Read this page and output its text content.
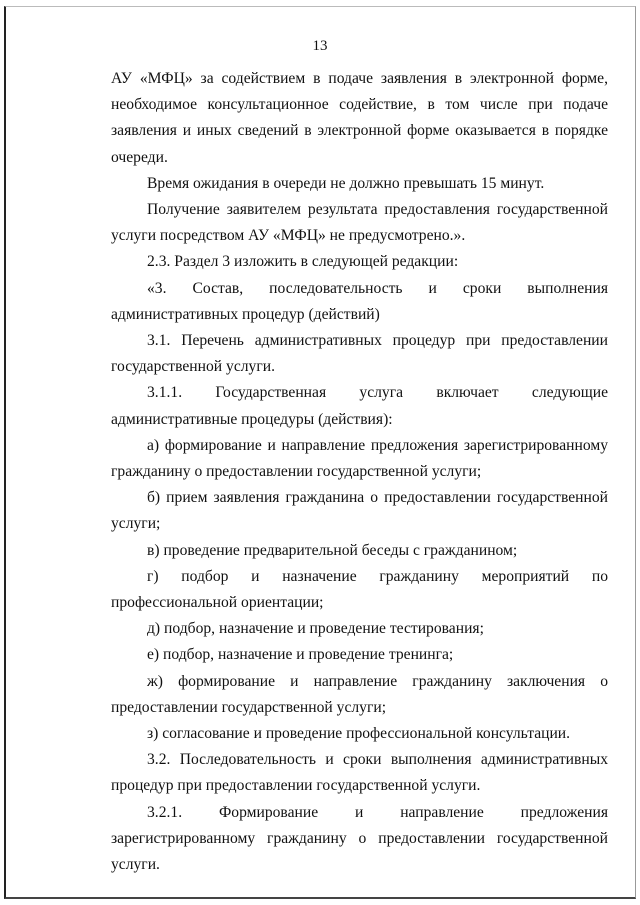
13

АУ «МФЦ» за содействием в подаче заявления в электронной форме, необходимое консультационное содействие, в том числе при подаче заявления и иных сведений в электронной форме оказывается в порядке очереди.

Время ожидания в очереди не должно превышать 15 минут.

Получение заявителем результата предоставления государственной услуги посредством АУ «МФЦ» не предусмотрено.».

2.3. Раздел 3 изложить в следующей редакции:

«3. Состав, последовательность и сроки выполнения административных процедур (действий)

3.1. Перечень административных процедур при предоставлении государственной услуги.

3.1.1. Государственная услуга включает следующие административные процедуры (действия):

а) формирование и направление предложения зарегистрированному гражданину о предоставлении государственной услуги;

б) прием заявления гражданина о предоставлении государственной услуги;

в) проведение предварительной беседы с гражданином;

г) подбор и назначение гражданину мероприятий по профессиональной ориентации;

д) подбор, назначение и проведение тестирования;

е) подбор, назначение и проведение тренинга;

ж) формирование и направление гражданину заключения о предоставлении государственной услуги;

з) согласование и проведение профессиональной консультации.

3.2. Последовательность и сроки выполнения административных процедур при предоставлении государственной услуги.

3.2.1. Формирование и направление предложения зарегистрированному гражданину о предоставлении государственной услуги.
